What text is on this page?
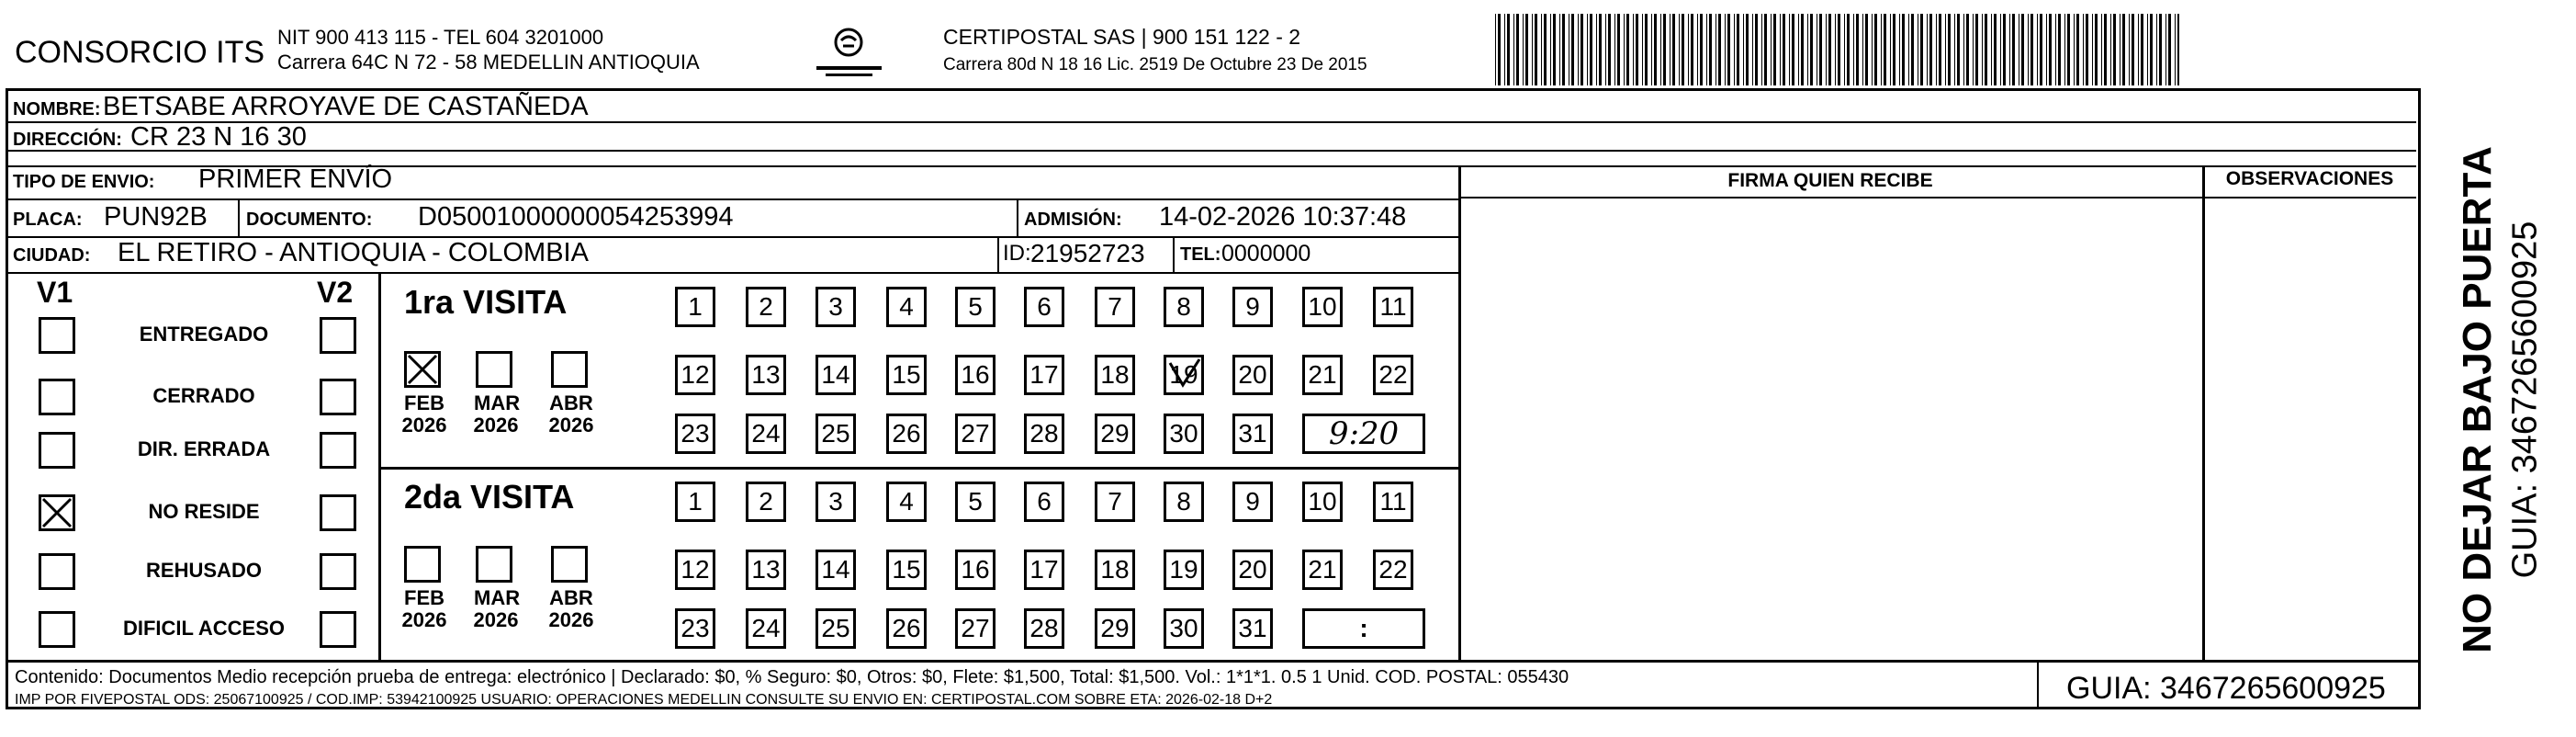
CONSORCIO ITS NIT 900 413 115 - TEL 604 3201000
Carrera 64C N 72 - 58 MEDELLIN ANTIOQUIA
CERTIPOSTAL SAS | 900 151 122 - 2
Carrera 80d N 18 16 Lic. 2519 De Octubre 23 De 2015
NOMBRE: BETSABE ARROYAVE DE CASTAÑEDA
DIRECCIÓN: CR 23 N 16 30
TIPO DE ENVIO: PRIMER ENVÍO	FIRMA QUIEN RECIBE	OBSERVACIONES
PLACA: PUN92B DOCUMENTO: D05001000000054253994	ADMISIÓN: 14-02-2026 10:37:48
CIUDAD: EL RETIRO - ANTIOQUIA - COLOMBIA	ID: 21952723 TEL: 0000000
V1	V2
ENTREGADO
CERRADO
DIR. ERRADA
NO RESIDE
REHUSADO
DIFICIL ACCESO
1ra VISITA
FEB
2026
MAR
2026
ABR
2026
1	2	3	4	5	6	7	8	9	10 11
12 13 14 15 16 17 18 19 20 21 22
23 24 25 26 27 28 29 30 31 9:20
2da VISITA
FEB
2026
MAR
2026
ABR
2026
1	2	3	4	5	6	7	8	9	10 11
12 13 14 15 16 17 18 19 20 21 22
23 24 25 26 27 28 29 30 31	:	NO DEJAR BAJO PUERTA GUIA: 3467265600925
Contenido: Documentos Medio recepción prueba de entrega: electrónico | Declarado: $0, % Seguro: $0, Otros: $0, Flete: $1,500, Total: $1,500. Vol.: 1*1*1. 0.5 1 Unid. COD. POSTAL: 055430
IMP POR FIVEPOSTAL ODS: 25067100925 / COD.IMP: 53942100925 USUARIO: OPERACIONES MEDELLIN CONSULTE SU ENVIO EN: CERTIPOSTAL.COM SOBRE ETA: 2026-02-18 D+2	GUIA: 3467265600925
